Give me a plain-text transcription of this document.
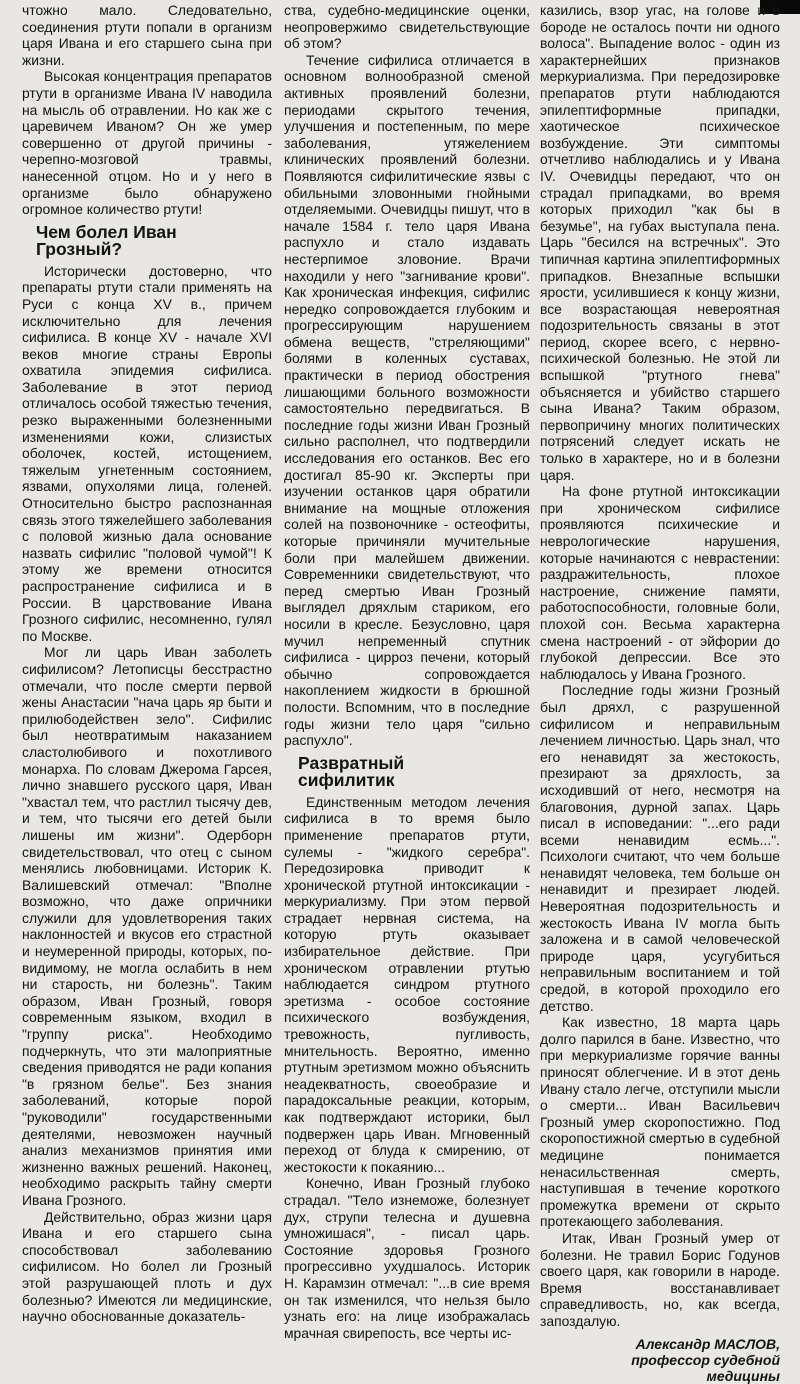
чтожно мало. Следовательно, соединения ртути попали в организм царя Ивана и его старшего сына при жизни.

Высокая концентрация препаратов ртути в организме Ивана IV наводила на мысль об отравлении. Но как же с царевичем Иваном? Он же умер совершенно от другой причины - черепно-мозговой травмы, нанесенной отцом. Но и у него в организме было обнаружено огромное количество ртути!

Чем болел Иван
Грозный?

Исторически достоверно, что препараты ртути стали применять на Руси с конца XV в., причем исключительно для лечения сифилиса. В конце XV - начале XVI веков многие страны Европы охватила эпидемия сифилиса. Заболевание в этот период отличалось особой тяжестью течения, резко выраженными болезненными изменениями кожи, слизистых оболочек, костей, истощением, тяжелым угнетенным состоянием, язвами, опухолями лица, голеней. Относительно быстро распознанная связь этого тяжелейшего заболевания с половой жизнью дала основание назвать сифилис "половой чумой"! К этому же времени относится распространение сифилиса и в России. В царствование Ивана Грозного сифилис, несомненно, гулял по Москве.

Мог ли царь Иван заболеть сифилисом? Летописцы бесстрастно отмечали, что после смерти первой жены Анастасии "нача царь яр быти и прилюбодействен зело". Сифилис был неотвратимым наказанием сластолюбивого и похотливого монарха. По словам Джерома Гарсея, лично знавшего русского царя, Иван "хвастал тем, что растлил тысячу дев, и тем, что тысячи его детей были лишены им жизни". Одерборн свидетельствовал, что отец с сыном менялись любовницами. Историк К. Валишевский отмечал: "Вполне возможно, что даже опричники служили для удовлетворения таких наклонностей и вкусов его страстной и неумеренной природы, которых, по-видимому, не могла ослабить в нем ни старость, ни болезнь". Таким образом, Иван Грозный, говоря современным языком, входил в "группу риска". Необходимо подчеркнуть, что эти малоприятные сведения приводятся не ради копания "в грязном белье". Без знания заболеваний, которые порой "руководили" государственными деятелями, невозможен научный анализ механизмов принятия ими жизненно важных решений. Наконец, необходимо раскрыть тайну смерти Ивана Грозного.

Действительно, образ жизни царя Ивана и его старшего сына способствовал заболеванию сифилисом. Но болел ли Грозный этой разрушающей плоть и дух болезнью? Имеются ли медицинские, научно обоснованные доказатель-

ства, судебно-медицинские оценки, неопровержимо свидетельствующие об этом?

Течение сифилиса отличается в основном волнообразной сменой активных проявлений болезни, периодами скрытого течения, улучшения и постепенным, по мере заболевания, утяжелением клинических проявлений болезни. Появляются сифилитические язвы с обильными зловонными гнойными отделяемыми. Очевидцы пишут, что в начале 1584 г. тело царя Ивана распухло и стало издавать нестерпимое зловоние. Врачи находили у него "загнивание крови". Как хроническая инфекция, сифилис нередко сопровождается глубоким и прогрессирующим нарушением обмена веществ, "стреляющими" болями в коленных суставах, практически в период обострения лишающими больного возможности самостоятельно передвигаться. В последние годы жизни Иван Грозный сильно располнел, что подтвердили исследования его останков. Вес его достигал 85-90 кг. Эксперты при изучении останков царя обратили внимание на мощные отложения солей на позвоночнике - остеофиты, которые причиняли мучительные боли при малейшем движении. Современники свидетельствуют, что перед смертью Иван Грозный выглядел дряхлым стариком, его носили в кресле. Безусловно, царя мучил непременный спутник сифилиса - цирроз печени, который обычно сопровождается накоплением жидкости в брюшной полости. Вспомним, что в последние годы жизни тело царя "сильно распухло".

Развратный
сифилитик

Единственным методом лечения сифилиса в то время было применение препаратов ртути, сулемы - "жидкого серебра". Передозировка приводит к хронической ртутной интоксикации - меркуриализму. При этом первой страдает нервная система, на которую ртуть оказывает избирательное действие. При хроническом отравлении ртутью наблюдается синдром ртутного эретизма - особое состояние психического возбуждения, тревожность, пугливость, мнительность. Вероятно, именно ртутным эретизмом можно объяснить неадекватность, своеобразие и парадоксальные реакции, которым, как подтверждают историки, был подвержен царь Иван. Мгновенный переход от блуда к смирению, от жестокости к покаянию...

Конечно, Иван Грозный глубоко страдал. "Тело изнеможе, болезнует дух, струпи телесна и душевна умножишася", - писал царь. Состояние здоровья Грозного прогрессивно ухудшалось. Историк Н. Карамзин отмечал: "...в сие время он так изменился, что нельзя было узнать его: на лице изображалась мрачная свирепость, все черты ис-

казились, взор угас, на голове и в бороде не осталось почти ни одного волоса". Выпадение волос - один из характернейших признаков меркуриализма. При передозировке препаратов ртути наблюдаются эпилептиформные припадки, хаотическое психическое возбуждение. Эти симптомы отчетливо наблюдались и у Ивана IV. Очевидцы передают, что он страдал припадками, во время которых приходил "как бы в безумье", на губах выступала пена. Царь "бесился на встречных". Это типичная картина эпилептиформных припадков. Внезапные вспышки ярости, усилившиеся к концу жизни, все возрастающая невероятная подозрительность связаны в этот период, скорее всего, с нервно-психической болезнью. Не этой ли вспышкой "ртутного гнева" объясняется и убийство старшего сына Ивана? Таким образом, первопричину многих политических потрясений следует искать не только в характере, но и в болезни царя.

На фоне ртутной интоксикации при хроническом сифилисе проявляются психические и неврологические нарушения, которые начинаются с неврастении: раздражительность, плохое настроение, снижение памяти, работоспособности, головные боли, плохой сон. Весьма характерна смена настроений - от эйфории до глубокой депрессии. Все это наблюдалось у Ивана Грозного.

Последние годы жизни Грозный был дряхл, с разрушенной сифилисом и неправильным лечением личностью. Царь знал, что его ненавидят за жестокость, презирают за дряхлость, за исходивший от него, несмотря на благовония, дурной запах. Царь писал в исповедании: "...его ради всеми ненавидим есмь...". Психологи считают, что чем больше ненавидят человека, тем больше он ненавидит и презирает людей. Невероятная подозрительность и жестокость Ивана IV могла быть заложена и в самой человеческой природе царя, усугубиться неправильным воспитанием и той средой, в которой проходило его детство.

Как известно, 18 марта царь долго парился в бане. Известно, что при меркуриализме горячие ванны приносят облегчение. И в этот день Ивану стало легче, отступили мысли о смерти... Иван Васильевич Грозный умер скоропостижно. Под скоропостижной смертью в судебной медицине понимается ненасильственная смерть, наступившая в течение короткого промежутка времени от скрыто протекающего заболевания.

Итак, Иван Грозный умер от болезни. Не травил Борис Годунов своего царя, как говорили в народе. Время восстанавливает справедливость, но, как всегда, запоздалую.

Александр МАСЛОВ,
профессор судебной
медицины
